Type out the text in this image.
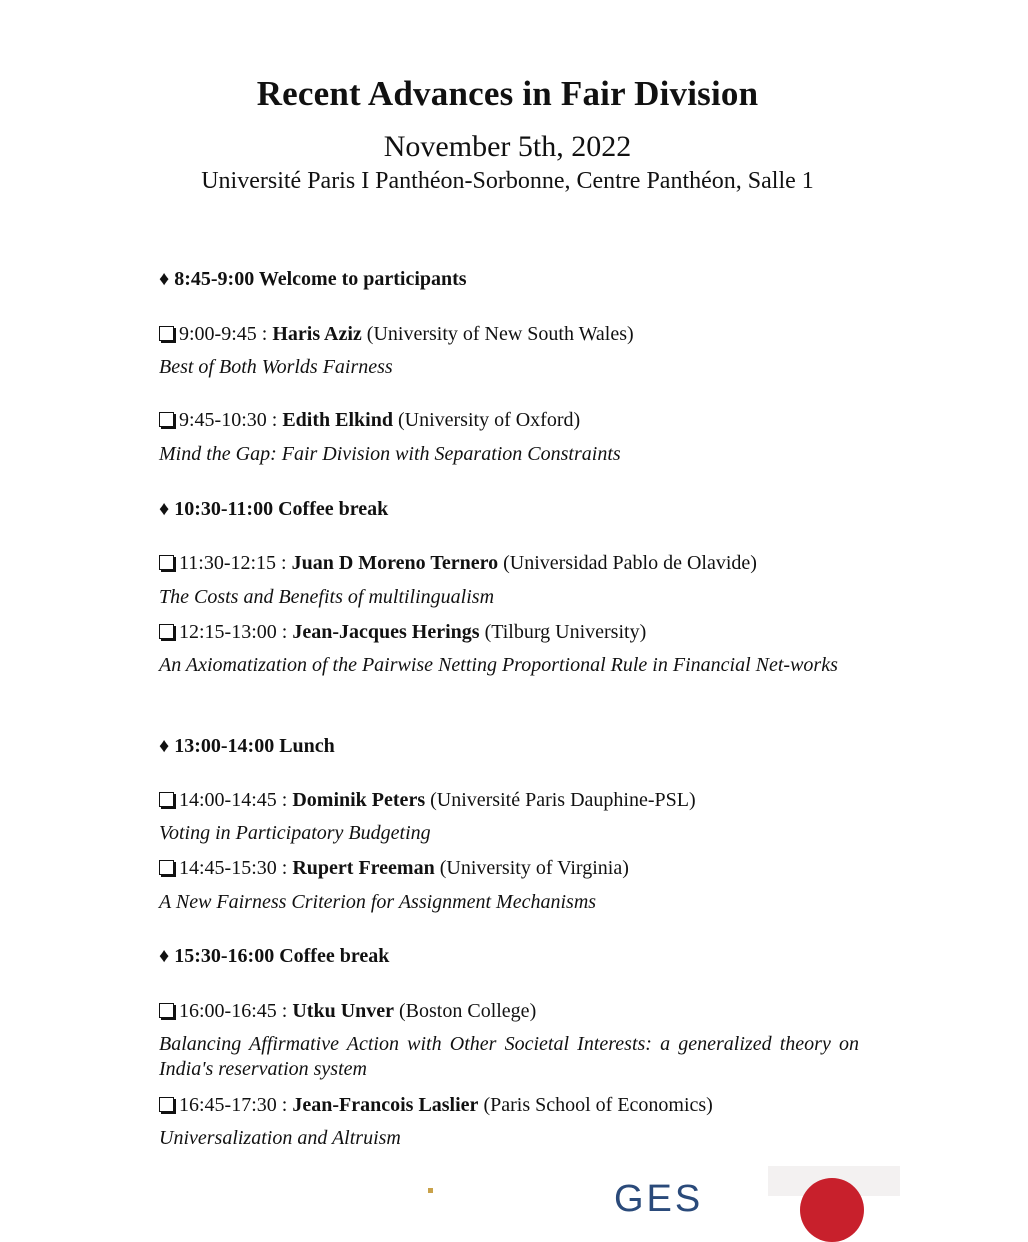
Recent Advances in Fair Division
November 5th, 2022
Université Paris I Panthéon-Sorbonne, Centre Panthéon, Salle 1
♦ 8:45-9:00 Welcome to participants
9:00-9:45 : Haris Aziz (University of New South Wales)
Best of Both Worlds Fairness
9:45-10:30 : Edith Elkind (University of Oxford)
Mind the Gap: Fair Division with Separation Constraints
♦ 10:30-11:00 Coffee break
11:30-12:15 : Juan D Moreno Ternero (Universidad Pablo de Olavide)
The Costs and Benefits of multilingualism
12:15-13:00 : Jean-Jacques Herings (Tilburg University)
An Axiomatization of the Pairwise Netting Proportional Rule in Financial Net-works
♦ 13:00-14:00 Lunch
14:00-14:45 : Dominik Peters (Université Paris Dauphine-PSL)
Voting in Participatory Budgeting
14:45-15:30 : Rupert Freeman (University of Virginia)
A New Fairness Criterion for Assignment Mechanisms
♦ 15:30-16:00 Coffee break
16:00-16:45 : Utku Unver (Boston College)
Balancing Affirmative Action with Other Societal Interests: a generalized theory on India's reservation system
16:45-17:30 : Jean-Francois Laslier (Paris School of Economics)
Universalization and Altruism
GES
